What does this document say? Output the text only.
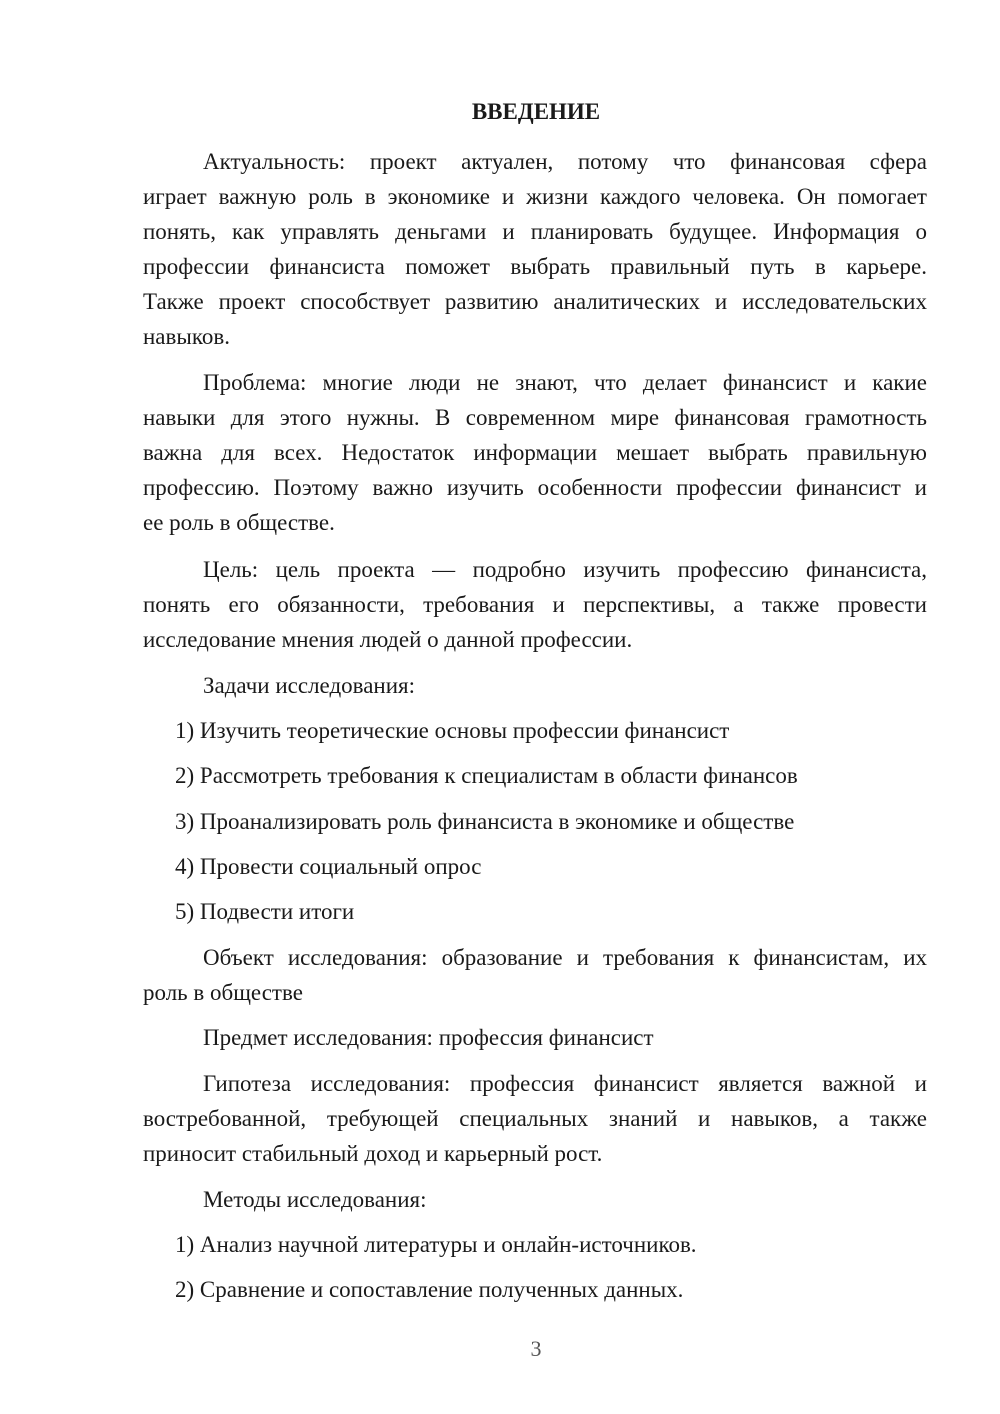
ВВЕДЕНИЕ
Актуальность: проект актуален, потому что финансовая сфера
играет важную роль в экономике и жизни каждого человека. Он помогает
понять, как управлять деньгами и планировать будущее. Информация о
профессии финансиста поможет выбрать правильный путь в карьере.
Также проект способствует развитию аналитических и исследовательских
навыков.
Проблема: многие люди не знают, что делает финансист и какие
навыки для этого нужны. В современном мире финансовая грамотность
важна для всех. Недостаток информации мешает выбрать правильную
профессию. Поэтому важно изучить особенности профессии финансист и
ее роль в обществе.
Цель: цель проекта — подробно изучить профессию финансиста,
понять его обязанности, требования и перспективы, а также провести
исследование мнения людей о данной профессии.
Задачи исследования:
1) Изучить теоретические основы профессии финансист
2) Рассмотреть требования к специалистам в области финансов
3) Проанализировать роль финансиста в экономике и обществе
4) Провести социальный опрос
5) Подвести итоги
Объект исследования: образование и требования к финансистам, их
роль в обществе
Предмет исследования: профессия финансист
Гипотеза исследования: профессия финансист является важной и
востребованной, требующей специальных знаний и навыков, а также
приносит стабильный доход и карьерный рост.
Методы исследования:
1) Анализ научной литературы и онлайн-источников.
2) Сравнение и сопоставление полученных данных.
3
